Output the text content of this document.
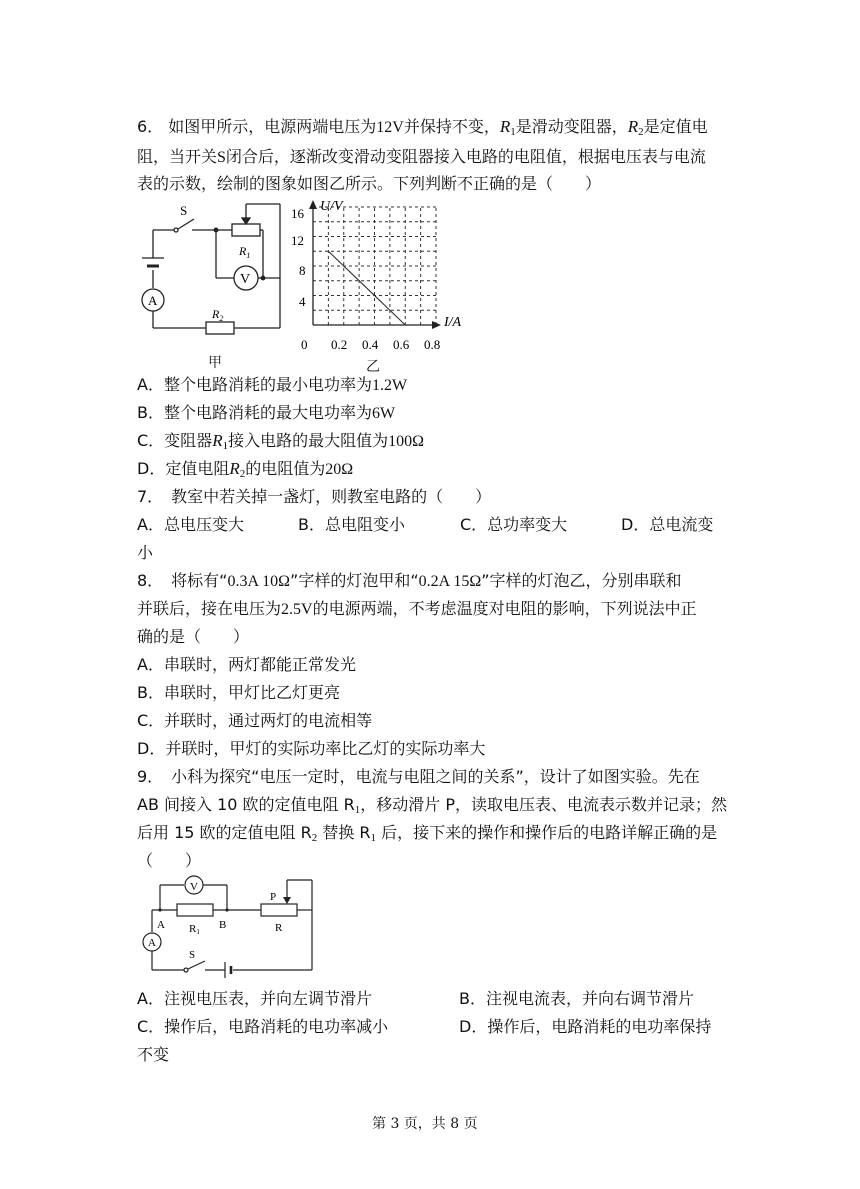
6． 如图甲所示，电源两端电压为12V并保持不变，$R_1$是滑动变阻器，$R_2$是定值电
阻，当开关S闭合后，逐渐改变滑动变阻器接入电路的电阻值，根据电压表与电流
表的示数，绘制的图象如图乙所示。下列判断不正确的是（　　）
S
$R_1$
V
A
$R_2$
甲
U/V
I/A
4
8
12
16
0 0.2 0.4 0.6 0.8
乙
A．整个电路消耗的最小电功率为1.2W
B．整个电路消耗的最大电功率为6W
C．变阻器$R_1$接入电路的最大阻值为100Ω
D．定值电阻$R_2$的电阻值为20Ω
7．　教室中若关掉一盏灯，则教室电路的（　　）
A．总电压变大	B．总电阻变小	C．总功率变大	D．总电流变
小
8．　将标有“0.3A 10Ω”字样的灯泡甲和“0.2A 15Ω”字样的灯泡乙，分别串联和
并联后，接在电压为2.5V的电源两端，不考虑温度对电阻的影响，下列说法中正
确的是（　　）
A．串联时，两灯都能正常发光
B．串联时，甲灯比乙灯更亮
C．并联时，通过两灯的电流相等
D．并联时，甲灯的实际功率比乙灯的实际功率大
9．　小科为探究“电压一定时，电流与电阻之间的关系”，设计了如图实验。先在
AB 间接入 10 欧的定值电阻 $R_1$，移动滑片 P，读取电压表、电流表示数并记录；然
后用 15 欧的定值电阻 $R_2$ 替换 $R_1$ 后，接下来的操作和操作后的电路详解正确的是
（　　）
V
A
A	B
R1
P
R
S
A．注视电压表，并向左调节滑片	B．注视电流表，并向右调节滑片
C．操作后，电路消耗的电功率减小	D．操作后，电路消耗的电功率保持
不变
第 3 页，共 8 页
